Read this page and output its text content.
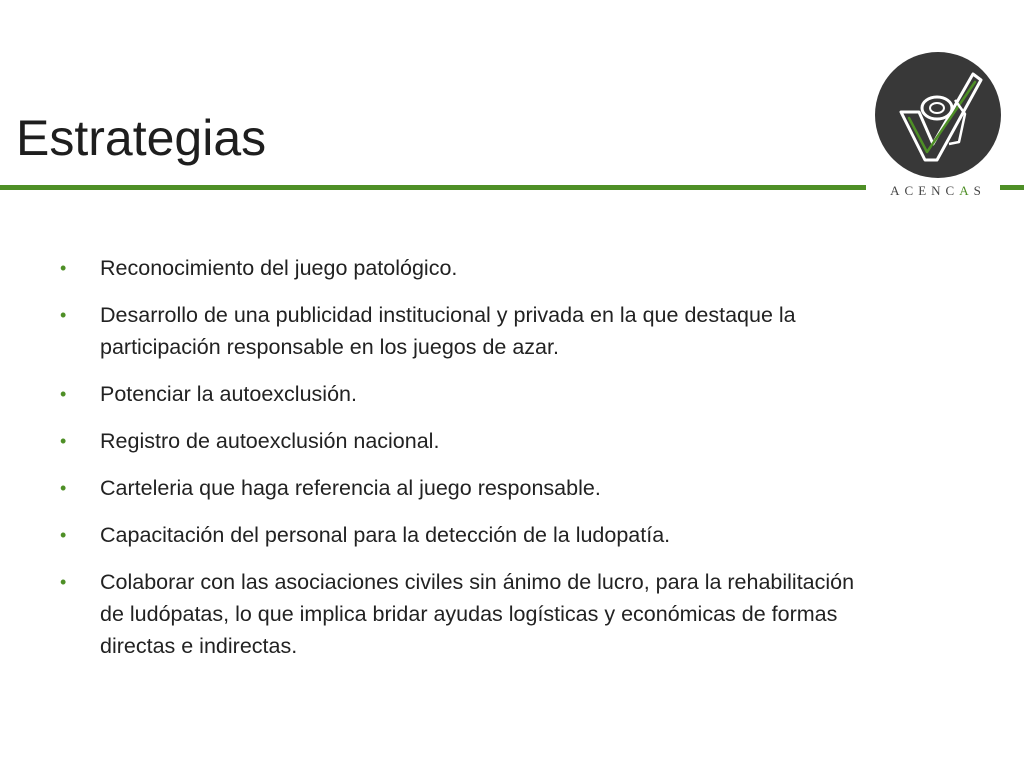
Estrategias
ACENCAS
• Reconocimiento del juego patológico.
• Desarrollo de una publicidad institucional y privada en la que destaque la participación responsable en los juegos de azar.
• Potenciar la autoexclusión.
• Registro de autoexclusión nacional.
• Carteleria que haga referencia al juego responsable.
• Capacitación del personal para la detección de la ludopatía.
• Colaborar con las asociaciones civiles sin ánimo de lucro, para la rehabilitación de ludópatas, lo que implica bridar ayudas logísticas y económicas de formas directas e indirectas.
